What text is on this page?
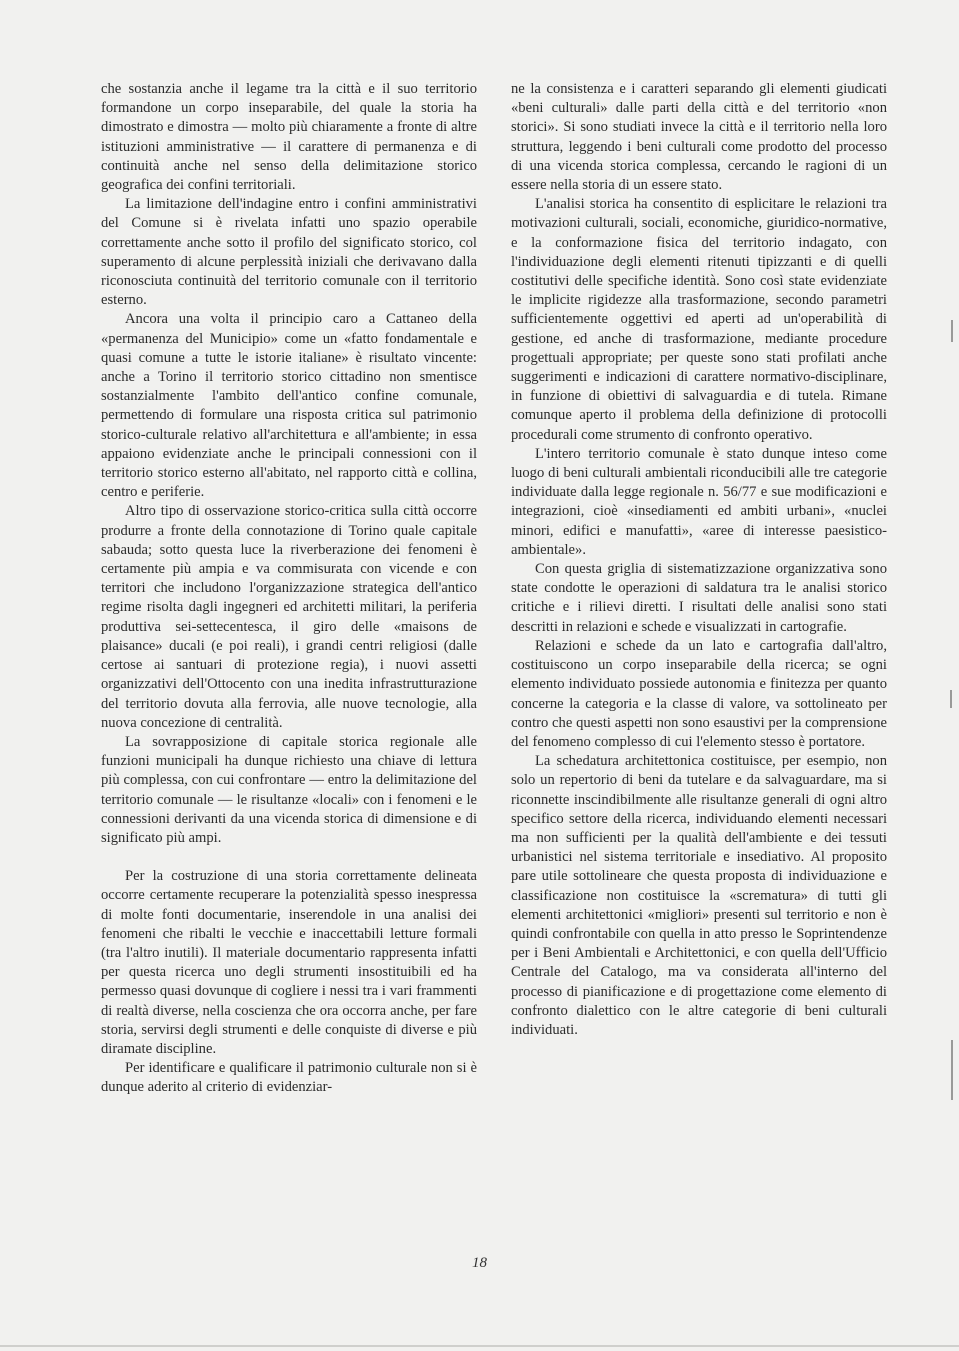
che sostanzia anche il legame tra la città e il suo territorio formandone un corpo inseparabile, del quale la storia ha dimostrato e dimostra — molto più chiaramente a fronte di altre istituzioni amministrative — il carattere di permanenza e di continuità anche nel senso della delimitazione storico geografica dei confini territoriali.

La limitazione dell'indagine entro i confini amministrativi del Comune si è rivelata infatti uno spazio operabile correttamente anche sotto il profilo del significato storico, col superamento di alcune perplessità iniziali che derivavano dalla riconosciuta continuità del territorio comunale con il territorio esterno.

Ancora una volta il principio caro a Cattaneo della «permanenza del Municipio» come un «fatto fondamentale e quasi comune a tutte le istorie italiane» è risultato vincente: anche a Torino il territorio storico cittadino non smentisce sostanzialmente l'ambito dell'antico confine comunale, permettendo di formulare una risposta critica sul patrimonio storico-culturale relativo all'architettura e all'ambiente; in essa appaiono evidenziate anche le principali connessioni con il territorio storico esterno all'abitato, nel rapporto città e collina, centro e periferie.

Altro tipo di osservazione storico-critica sulla città occorre produrre a fronte della connotazione di Torino quale capitale sabauda; sotto questa luce la riverberazione dei fenomeni è certamente più ampia e va commisurata con vicende e con territori che includono l'organizzazione strategica dell'antico regime risolta dagli ingegneri ed architetti militari, la periferia produttiva sei-settecentesca, il giro delle «maisons de plaisance» ducali (e poi reali), i grandi centri religiosi (dalle certose ai santuari di protezione regia), i nuovi assetti organizzativi dell'Ottocento con una inedita infrastrutturazione del territorio dovuta alla ferrovia, alle nuove tecnologie, alla nuova concezione di centralità.

La sovrapposizione di capitale storica regionale alle funzioni municipali ha dunque richiesto una chiave di lettura più complessa, con cui confrontare — entro la delimitazione del territorio comunale — le risultanze «locali» con i fenomeni e le connessioni derivanti da una vicenda storica di dimensione e di significato più ampi.

Per la costruzione di una storia correttamente delineata occorre certamente recuperare la potenzialità spesso inespressa di molte fonti documentarie, inserendole in una analisi dei fenomeni che ribalti le vecchie e inaccettabili letture formali (tra l'altro inutili). Il materiale documentario rappresenta infatti per questa ricerca uno degli strumenti insostituibili ed ha permesso quasi dovunque di cogliere i nessi tra i vari frammenti di realtà diverse, nella coscienza che ora occorra anche, per fare storia, servirsi degli strumenti e delle conquiste di diverse e più diramate discipline.

Per identificare e qualificare il patrimonio culturale non si è dunque aderito al criterio di evidenziar-

ne la consistenza e i caratteri separando gli elementi giudicati «beni culturali» dalle parti della città e del territorio «non storici». Si sono studiati invece la città e il territorio nella loro struttura, leggendo i beni culturali come prodotto del processo di una vicenda storica complessa, cercando le ragioni di un essere nella storia di un essere stato.

L'analisi storica ha consentito di esplicitare le relazioni tra motivazioni culturali, sociali, economiche, giuridico-normative, e la conformazione fisica del territorio indagato, con l'individuazione degli elementi ritenuti tipizzanti e di quelli costitutivi delle specifiche identità. Sono così state evidenziate le implicite rigidezze alla trasformazione, secondo parametri sufficientemente oggettivi ed aperti ad un'operabilità di gestione, ed anche di trasformazione, mediante procedure progettuali appropriate; per queste sono stati profilati anche suggerimenti e indicazioni di carattere normativo-disciplinare, in funzione di obiettivi di salvaguardia e di tutela. Rimane comunque aperto il problema della definizione di protocolli procedurali come strumento di confronto operativo.

L'intero territorio comunale è stato dunque inteso come luogo di beni culturali ambientali riconducibili alle tre categorie individuate dalla legge regionale n. 56/77 e sue modificazioni e integrazioni, cioè «insediamenti ed ambiti urbani», «nuclei minori, edifici e manufatti», «aree di interesse paesistico-ambientale».

Con questa griglia di sistematizzazione organizzativa sono state condotte le operazioni di saldatura tra le analisi storico critiche e i rilievi diretti. I risultati delle analisi sono stati descritti in relazioni e schede e visualizzati in cartografie.

Relazioni e schede da un lato e cartografia dall'altro, costituiscono un corpo inseparabile della ricerca; se ogni elemento individuato possiede autonomia e finitezza per quanto concerne la categoria e la classe di valore, va sottolineato per contro che questi aspetti non sono esaustivi per la comprensione del fenomeno complesso di cui l'elemento stesso è portatore.

La schedatura architettonica costituisce, per esempio, non solo un repertorio di beni da tutelare e da salvaguardare, ma si riconnette inscindibilmente alle risultanze generali di ogni altro specifico settore della ricerca, individuando elementi necessari ma non sufficienti per la qualità dell'ambiente e dei tessuti urbanistici nel sistema territoriale e insediativo. Al proposito pare utile sottolineare che questa proposta di individuazione e classificazione non costituisce la «scrematura» di tutti gli elementi architettonici «migliori» presenti sul territorio e non è quindi confrontabile con quella in atto presso le Soprintendenze per i Beni Ambientali e Architettonici, e con quella dell'Ufficio Centrale del Catalogo, ma va considerata all'interno del processo di pianificazione e di progettazione come elemento di confronto dialettico con le altre categorie di beni culturali individuati.

18
